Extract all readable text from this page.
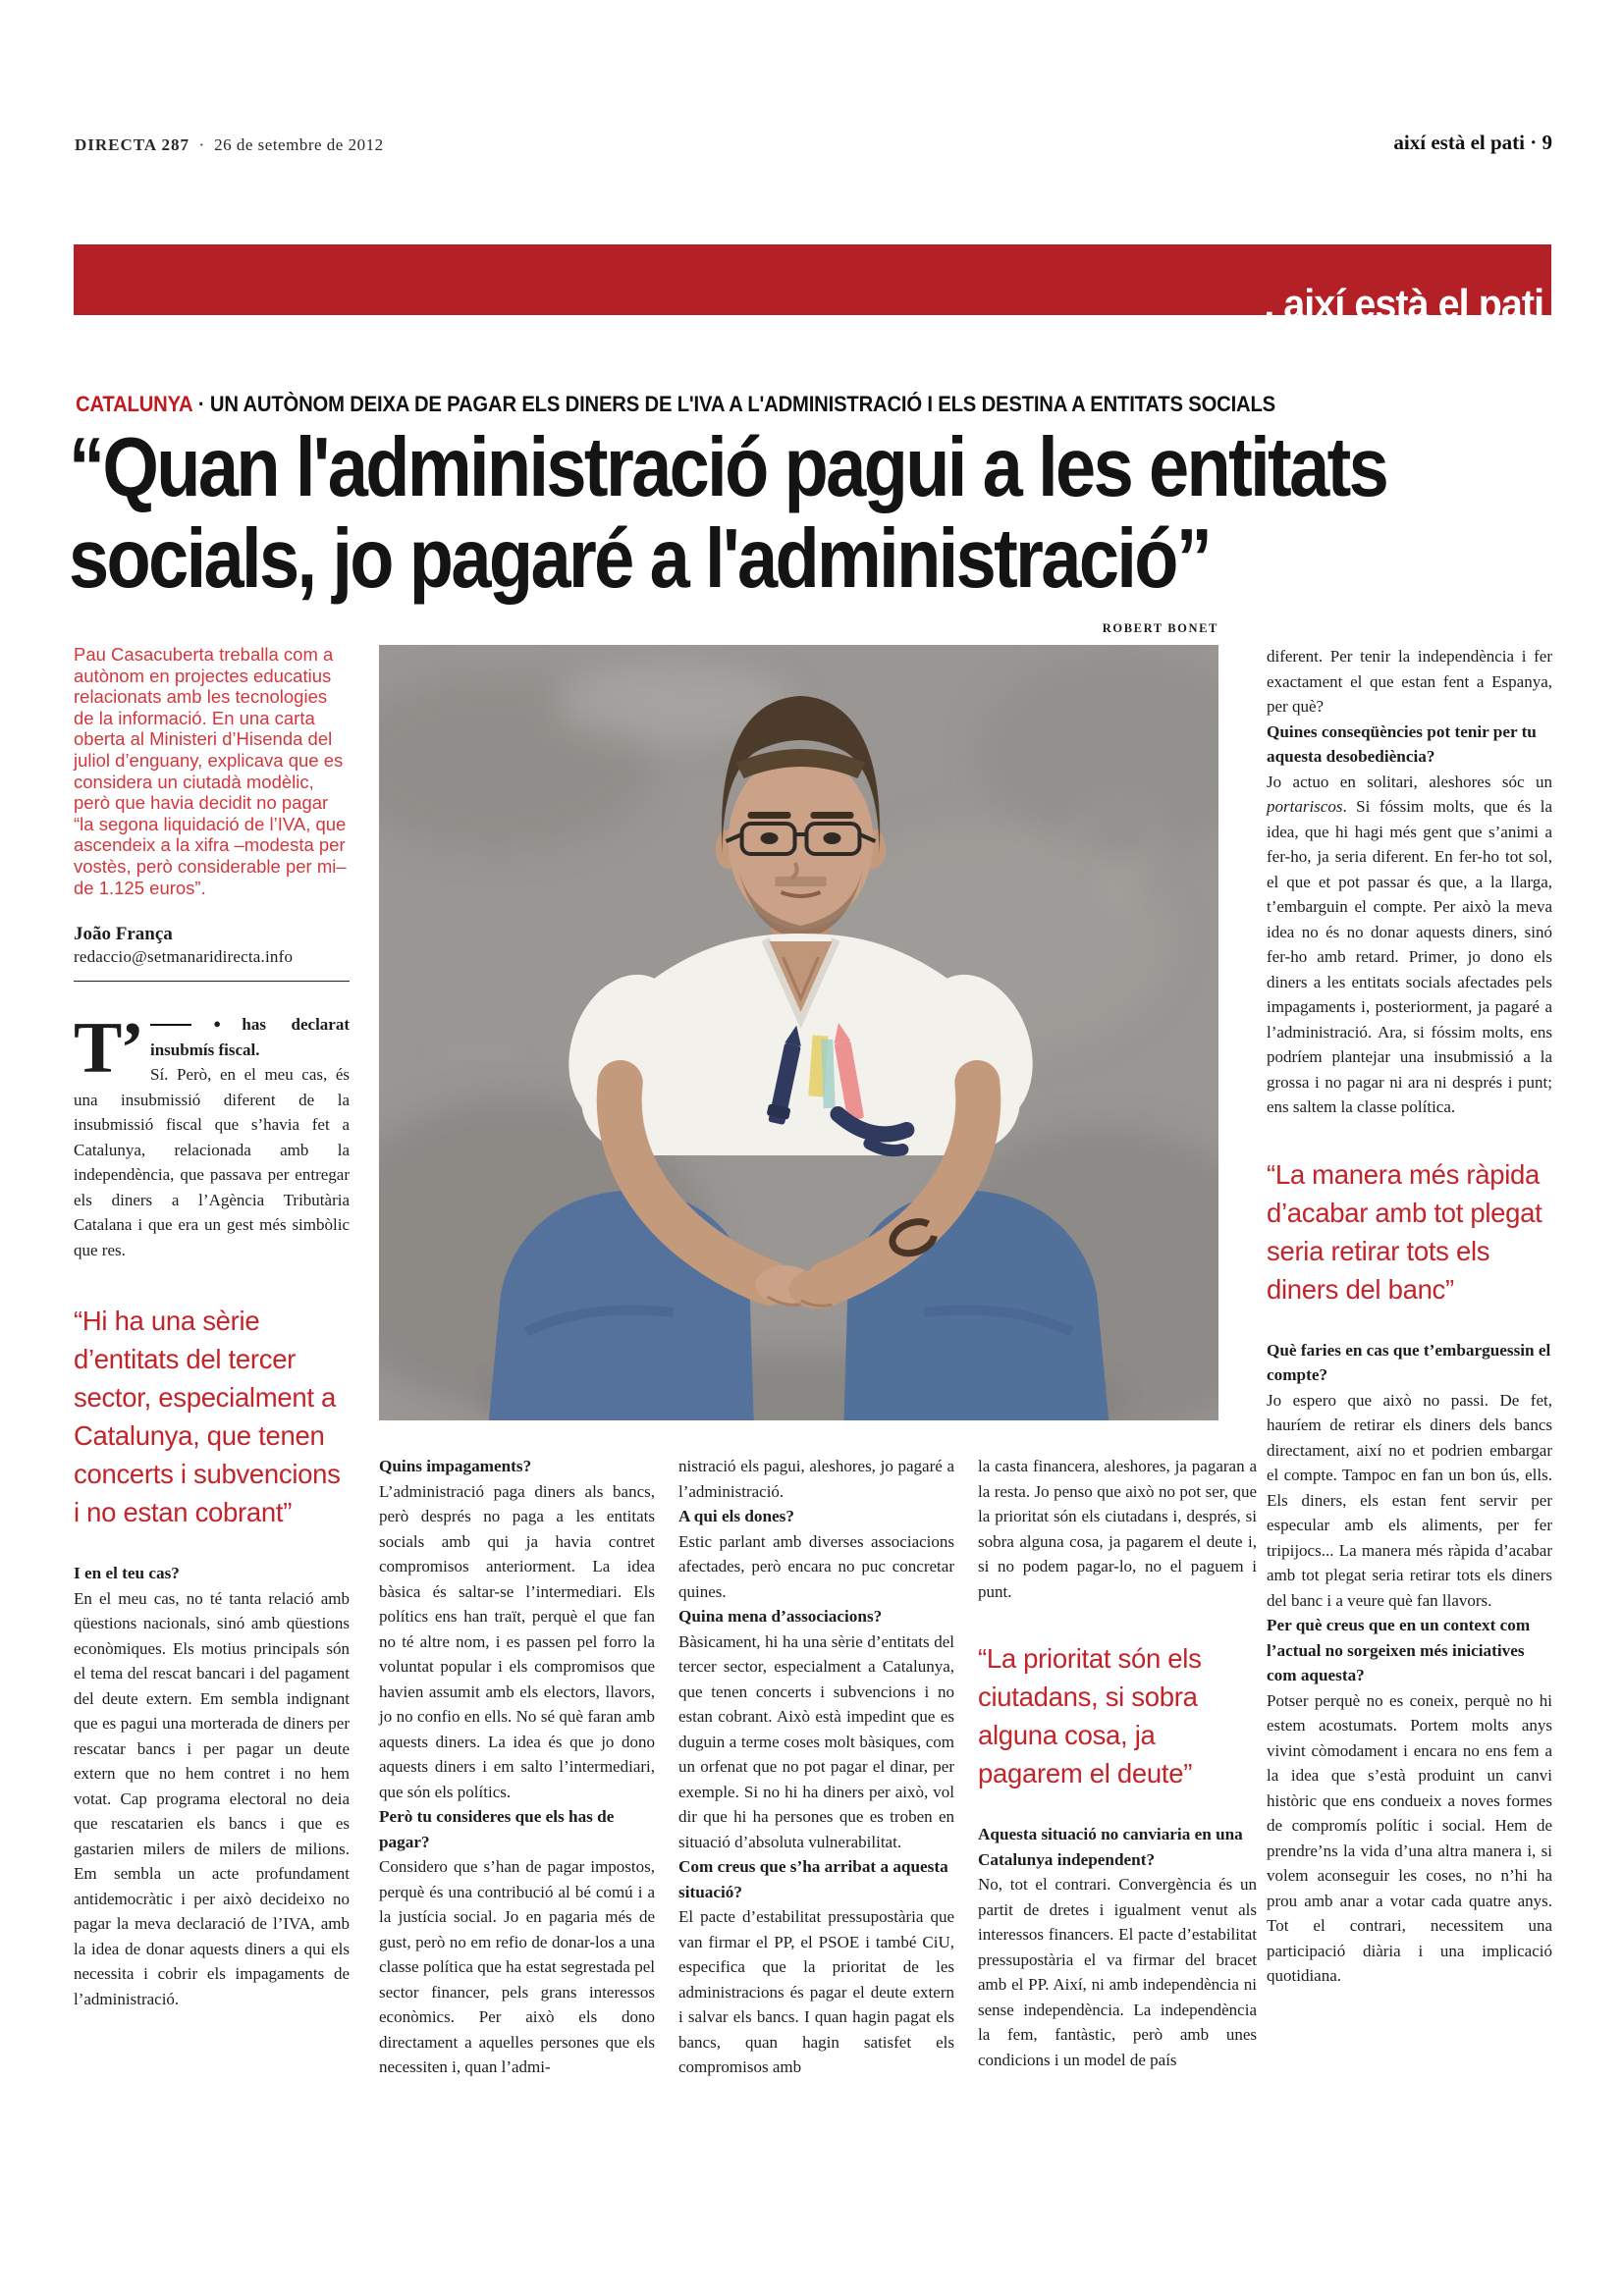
DIRECTA 287  ·  26 de setembre de 2012	així està el pati · 9
, així està el pati
CATALUNYA · UN AUTÒNOM DEIXA DE PAGAR ELS DINERS DE L'IVA A L'ADMINISTRACIÓ I ELS DESTINA A ENTITATS SOCIALS
“Quan l'administració pagui a les entitats
socials, jo pagaré a l'administració”
ROBERT BONET

Pau Casacuberta treballa com a autònom en projectes educatius relacionats amb les tecnologies de la informació. En una carta oberta al Ministeri d’Hisenda del juliol d’enguany, explicava que es considera un ciutadà modèlic, però que havia decidit no pagar “la segona liquidació de l’IVA, que ascendeix a la xifra –modesta per vostès, però considerable per mi– de 1.125 euros”.

João França

redaccio@setmanaridirecta.info

T’	●has declarat insubmís fiscal.
Sí. Però, en el meu cas, és una insubmissió diferent de la insubmissió fiscal que s’havia fet a Catalunya, relacionada amb la independència, que passava per entregar els diners a l’Agència Tributària Catalana i que era un gest més simbòlic que res.

“Hi ha una sèrie d’entitats del tercer sector, especialment a Catalunya, que tenen concerts i subvencions i no estan cobrant”

I en el teu cas?

En el meu cas, no té tanta relació amb qüestions nacionals, sinó amb qüestions econòmiques. Els motius principals són el tema del rescat bancari i del pagament del deute extern. Em sembla indignant que es pagui una morterada de diners per rescatar bancs i per pagar un deute extern que no hem contret i no hem votat. Cap programa electoral no deia que rescatarien els bancs i que es gastarien milers de milers de milions. Em sembla un acte profundament antidemocràtic i per això decideixo no pagar la meva declaració de l’IVA, amb la idea de donar aquests diners a qui els necessita i cobrir els impagaments de l’administració.

Quins impagaments?

L’administració paga diners als bancs, però després no paga a les entitats socials amb qui ja havia contret compromisos anteriorment. La idea bàsica és saltar-se l’intermediari. Els polítics ens han traït, perquè el que fan no té altre nom, i es passen pel forro la voluntat popular i els compromisos que havien assumit amb els electors, llavors, jo no confio en ells. No sé què faran amb aquests diners. La idea és que jo dono aquests diners i em salto l’intermediari, que són els polítics.

Però tu consideres que els has de pagar?

Considero que s’han de pagar impostos, perquè és una contribució al bé comú i a la justícia social. Jo en pagaria més de gust, però no em refio de donar-los a una classe política que ha estat segrestada pel sector financer, pels grans interessos econòmics. Per això els dono directament a aquelles persones que els necessiten i, quan l’admi-

nistració els pagui, aleshores, jo pagaré a l’administració.

A qui els dones?

Estic parlant amb diverses associacions afectades, però encara no puc concretar quines.

Quina mena d’associacions?

Bàsicament, hi ha una sèrie d’entitats del tercer sector, especialment a Catalunya, que tenen concerts i subvencions i no estan cobrant. Això està impedint que es duguin a terme coses molt bàsiques, com un orfenat que no pot pagar el dinar, per exemple. Si no hi ha diners per això, vol dir que hi ha persones que es troben en situació d’absoluta vulnerabilitat.

Com creus que s’ha arribat a aquesta situació?

El pacte d’estabilitat pressupostària que van firmar el PP, el PSOE i també CiU, especifica que la prioritat de les administracions és pagar el deute extern i salvar els bancs. I quan hagin pagat els bancs, quan hagin satisfet els compromisos amb

la casta financera, aleshores, ja pagaran a la resta. Jo penso que això no pot ser, que la prioritat són els ciutadans i, després, si sobra alguna cosa, ja pagarem el deute i, si no podem pagar-lo, no el paguem i punt.

“La prioritat són els ciutadans, si sobra alguna cosa, ja pagarem el deute”

Aquesta situació no canviaria en una Catalunya independent?

No, tot el contrari. Convergència és un partit de dretes i igualment venut als interessos financers. El pacte d’estabilitat pressupostària el va firmar del bracet amb el PP. Així, ni amb independència ni sense independència. La independència la fem, fantàstic, però amb unes condicions i un model de país

diferent. Per tenir la independència i fer exactament el que estan fent a Espanya, per què?

Quines conseqüències pot tenir per tu aquesta desobediència?

Jo actuo en solitari, aleshores sóc un portariscos. Si fóssim molts, que és la idea, que hi hagi més gent que s’animi a fer-ho, ja seria diferent. En fer-ho tot sol, el que et pot passar és que, a la llarga, t’embarguin el compte. Per això la meva idea no és no donar aquests diners, sinó fer-ho amb retard. Primer, jo dono els diners a les entitats socials afectades pels impagaments i, posteriorment, ja pagaré a l’administració. Ara, si fóssim molts, ens podríem plantejar una insubmissió a la grossa i no pagar ni ara ni després i punt; ens saltem la classe política.

“La manera més ràpida d’acabar amb tot plegat seria retirar tots els diners del banc”

Què faries en cas que t’embarguessin el compte?

Jo espero que això no passi. De fet, hauríem de retirar els diners dels bancs directament, així no et podrien embargar el compte. Tampoc en fan un bon ús, ells. Els diners, els estan fent servir per especular amb els aliments, per fer tripijocs... La manera més ràpida d’acabar amb tot plegat seria retirar tots els diners del banc i a veure què fan llavors.

Per què creus que en un context com l’actual no sorgeixen més iniciatives com aquesta?

Potser perquè no es coneix, perquè no hi estem acostumats. Portem molts anys vivint còmodament i encara no ens fem a la idea que s’està produint un canvi històric que ens condueix a noves formes de compromís polític i social. Hem de prendre’ns la vida d’una altra manera i, si volem aconseguir les coses, no n’hi ha prou amb anar a votar cada quatre anys. Tot el contrari, necessitem una participació diària i una implicació quotidiana.
